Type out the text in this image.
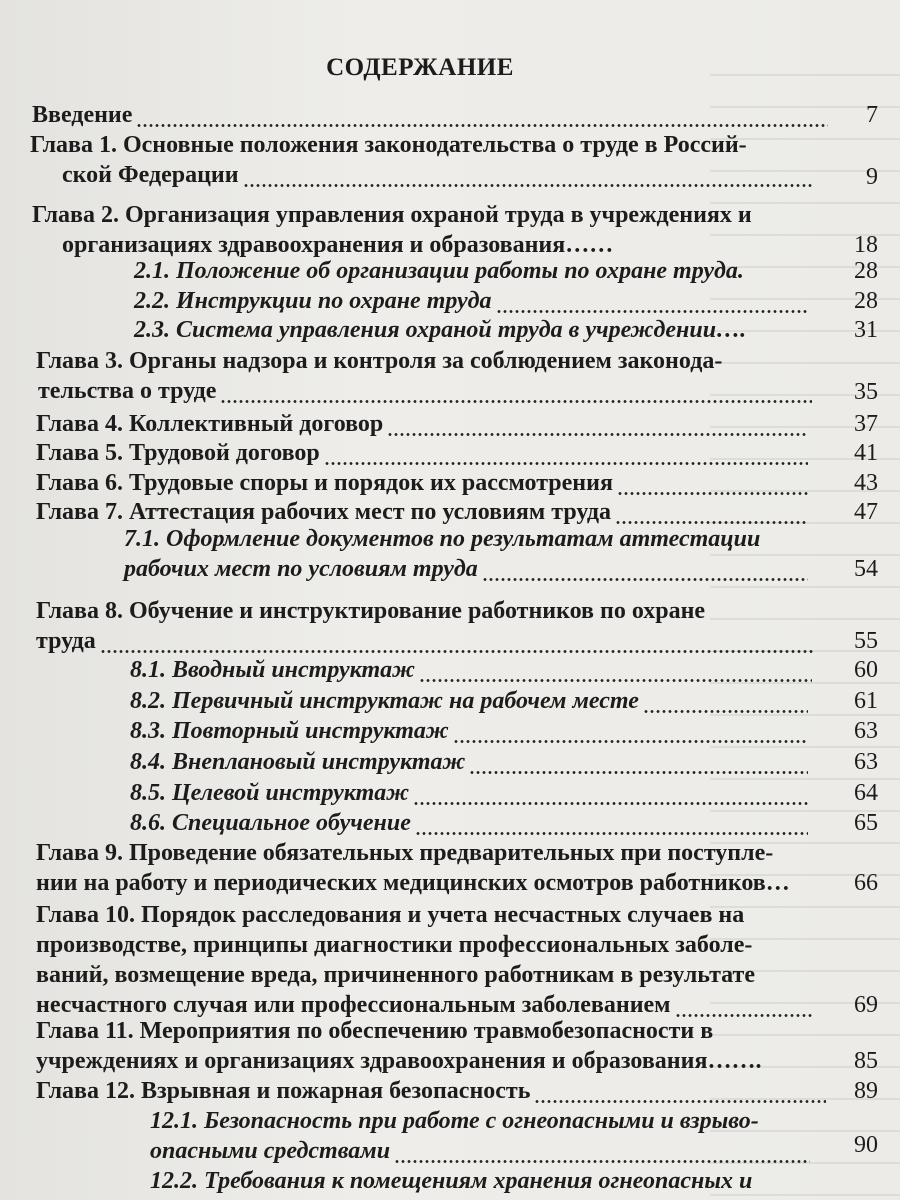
СОДЕРЖАНИЕ
Введение	7
Глава 1. Основные положения законодательства о труде в Россий-
ской Федерации	9
Глава 2. Организация управления охраной труда в учреждениях и
организациях здравоохранения и образования……	18
2.1. Положение об организации работы по охране труда.	28
2.2. Инструкции по охране труда	28
2.3. Система управления охраной труда в учреждении….	31
Глава 3. Органы надзора и контроля за соблюдением законода-
тельства о труде	35
Глава 4. Коллективный договор	37
Глава 5. Трудовой договор	41
Глава 6. Трудовые споры и порядок их рассмотрения	43
Глава 7. Аттестация рабочих мест по условиям труда	47
7.1. Оформление документов по результатам аттестации
рабочих мест по условиям труда	54
Глава 8. Обучение и инструктирование работников по охране
труда	55
8.1. Вводный инструктаж	60
8.2. Первичный инструктаж на рабочем месте	61
8.3. Повторный инструктаж	63
8.4. Внеплановый инструктаж	63
8.5. Целевой инструктаж	64
8.6. Специальное обучение	65
Глава 9. Проведение обязательных предварительных при поступле-
нии на работу и периодических медицинских осмотров работников…	66
Глава 10. Порядок расследования и учета несчастных случаев на
производстве, принципы диагностики профессиональных заболе-
ваний, возмещение вреда, причиненного работникам в результате
несчастного случая или профессиональным заболеванием	69
Глава 11. Мероприятия по обеспечению травмобезопасности в
учреждениях и организациях здравоохранения и образования…….	85
Глава 12. Взрывная и пожарная безопасность	89
12.1. Безопасность при работе с огнеопасными и взрыво-
опасными средствами	90
12.2. Требования к помещениям хранения огнеопасных и
